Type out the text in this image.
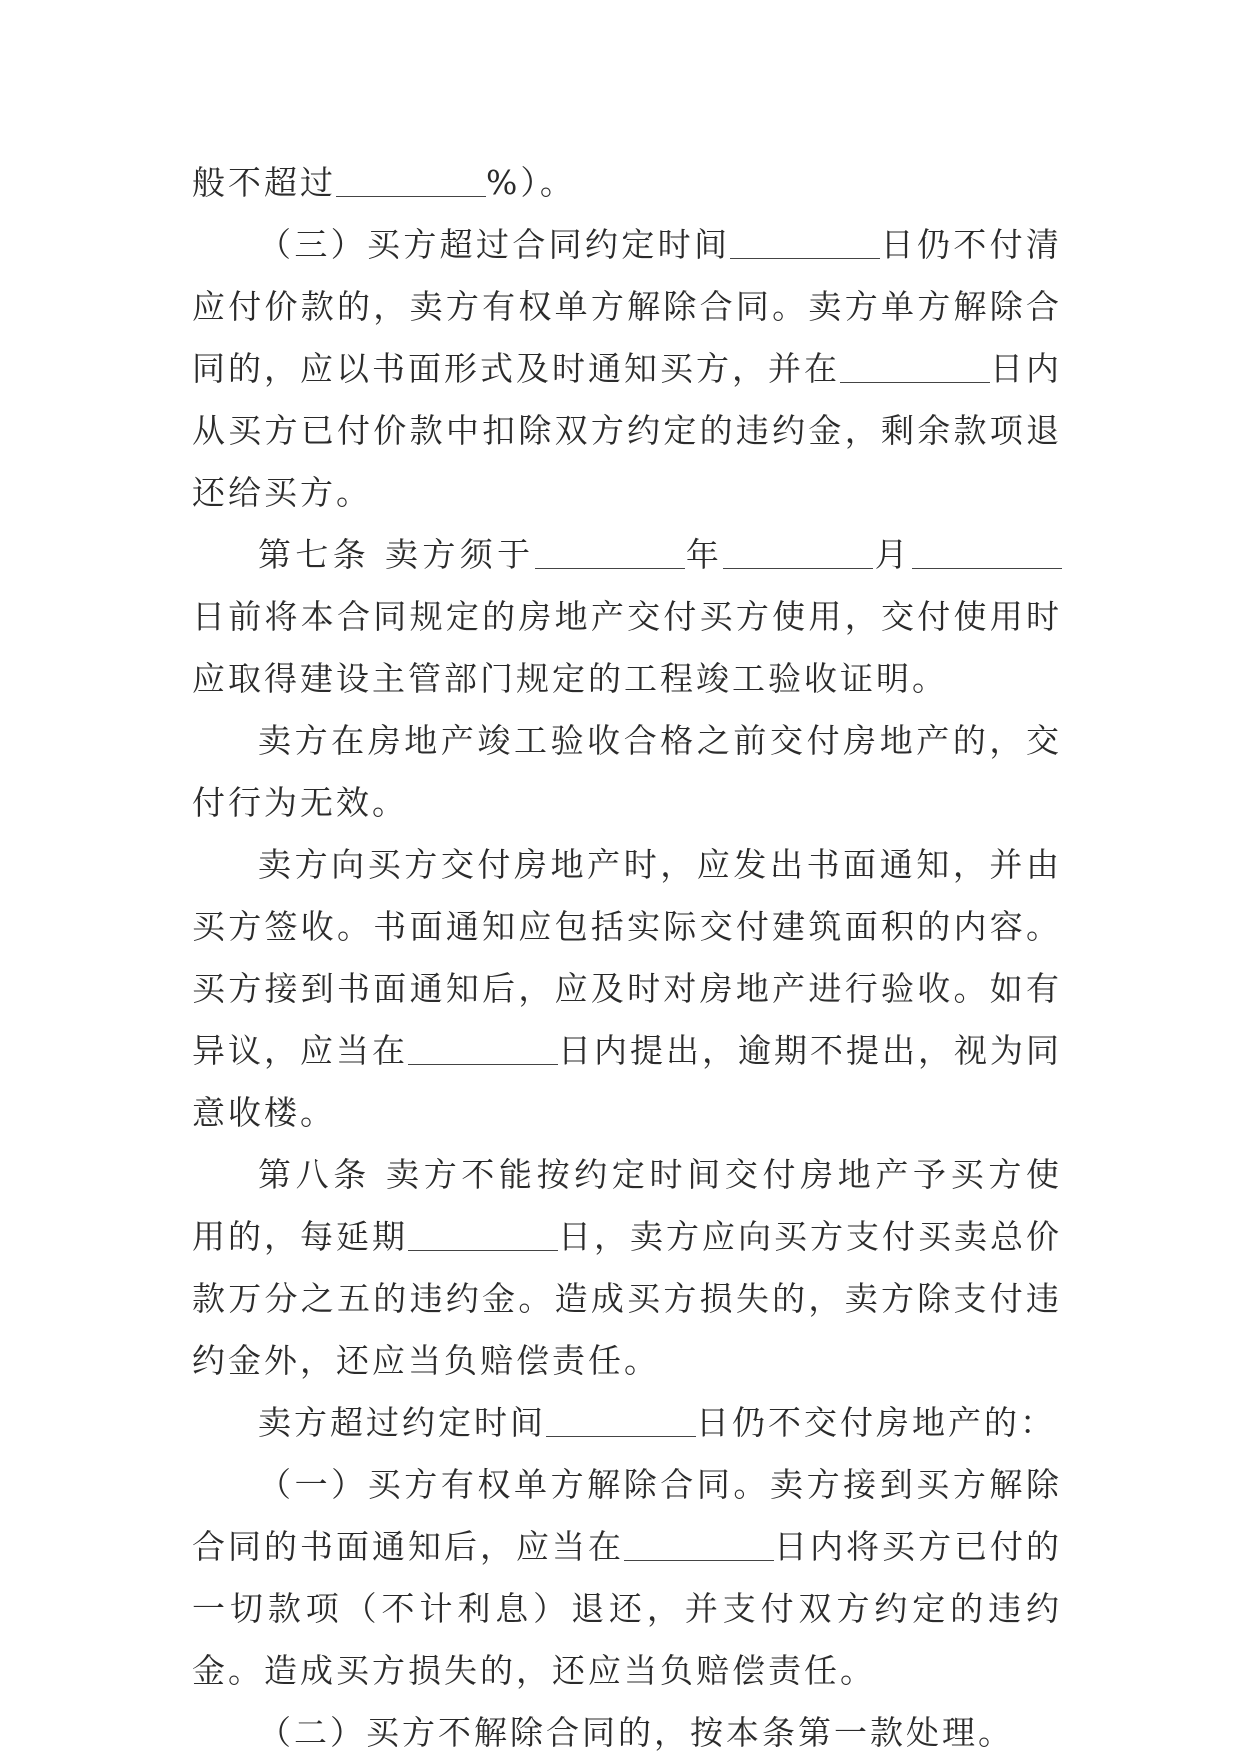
般不超过	%）。

（三）买方超过合同约定时间	日仍不付清应付价款的，卖方有权单方解除合同。卖方单方解除合同的，应以书面形式及时通知买方，并在	日内从买方已付价款中扣除双方约定的违约金，剩余款项退还给买方。

第七条 卖方须于	年	月日前将本合同规定的房地产交付买方使用，交付使用时应取得建设主管部门规定的工程竣工验收证明。

卖方在房地产竣工验收合格之前交付房地产的，交付行为无效。

卖方向买方交付房地产时，应发出书面通知，并由买方签收。书面通知应包括实际交付建筑面积的内容。买方接到书面通知后，应及时对房地产进行验收。如有异议，应当在	日内提出，逾期不提出，视为同意收楼。

第八条 卖方不能按约定时间交付房地产予买方使用的，每延期	日，卖方应向买方支付买卖总价款万分之五的违约金。造成买方损失的，卖方除支付违约金外，还应当负赔偿责任。

卖方超过约定时间	日仍不交付房地产的：

（一）买方有权单方解除合同。卖方接到买方解除合同的书面通知后，应当在	日内将买方已付的一切款项（不计利息）退还，并支付双方约定的违约金。造成买方损失的，还应当负赔偿责任。

（二）买方不解除合同的，按本条第一款处理。
